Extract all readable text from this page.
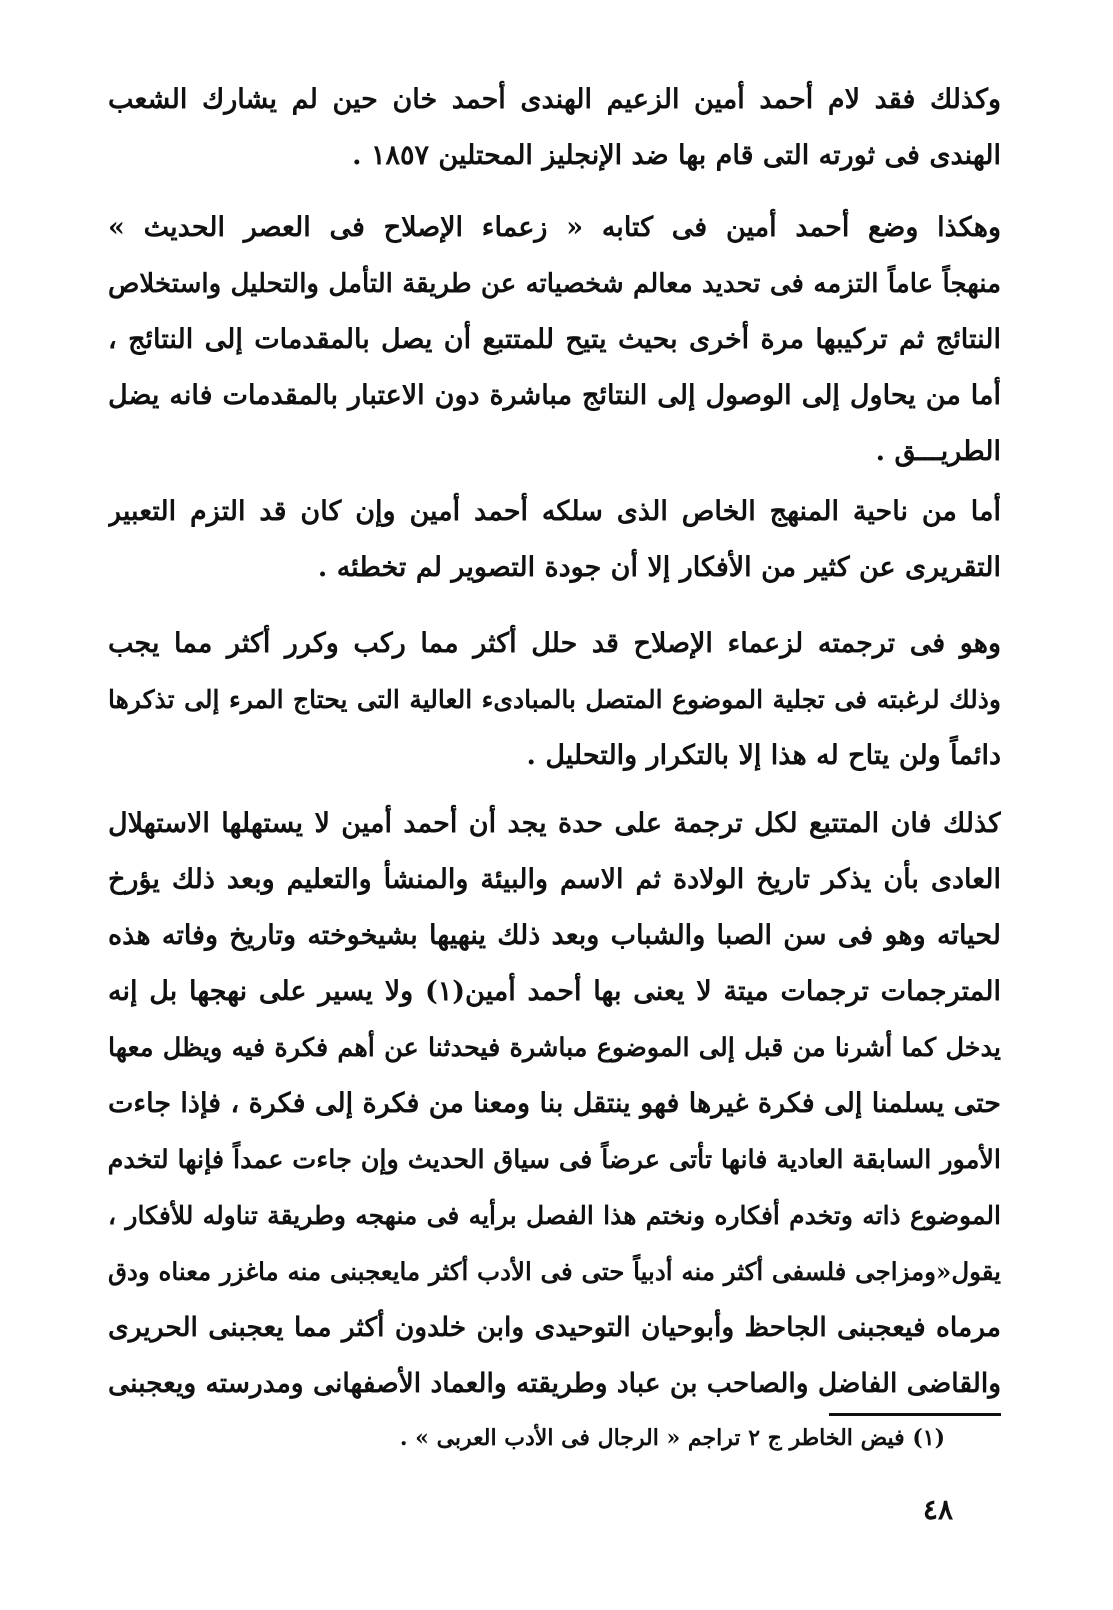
وكذلك فقد لام أحمد أمين الزعيم الهندى أحمد خان حين لم يشارك الشعب
الهندى فى ثورته التى قام بها ضد الإنجليز المحتلين ١٨٥٧ .
وهكذا وضع أحمد أمين فى كتابه « زعماء الإصلاح فى العصر الحديث »
منهجاً عاماً التزمه فى تحديد معالم شخصياته عن طريقة التأمل والتحليل واستخلاص
النتائج ثم تركيبها مرة أخرى بحيث يتيح للمتتبع أن يصل بالمقدمات إلى النتائج ،
أما من يحاول إلى الوصول إلى النتائج مباشرة دون الاعتبار بالمقدمات فانه يضل
الطريـــق .
أما من ناحية المنهج الخاص الذى سلكه أحمد أمين وإن كان قد التزم التعبير
التقريرى عن كثير من الأفكار إلا أن جودة التصوير لم تخطئه .
وهو فى ترجمته لزعماء الإصلاح قد حلل أكثر مما ركب وكرر أكثر مما يجب
وذلك لرغبته فى تجلية الموضوع المتصل بالمبادىء العالية التى يحتاج المرء إلى تذكرها
دائماً ولن يتاح له هذا إلا بالتكرار والتحليل .
كذلك فان المتتبع لكل ترجمة على حدة يجد أن أحمد أمين لا يستهلها الاستهلال
العادى بأن يذكر تاريخ الولادة ثم الاسم والبيئة والمنشأ والتعليم وبعد ذلك يؤرخ
لحياته وهو فى سن الصبا والشباب وبعد ذلك ينهيها بشيخوخته وتاريخ وفاته هذه
المترجمات ترجمات ميتة لا يعنى بها أحمد أمين(١) ولا يسير على نهجها بل إنه
يدخل كما أشرنا من قبل إلى الموضوع مباشرة فيحدثنا عن أهم فكرة فيه ويظل معها
حتى يسلمنا إلى فكرة غيرها فهو ينتقل بنا ومعنا من فكرة إلى فكرة ، فإذا جاءت
الأمور السابقة العادية فانها تأتى عرضاً فى سياق الحديث وإن جاءت عمداً فإنها لتخدم
الموضوع ذاته وتخدم أفكاره ونختم هذا الفصل برأيه فى منهجه وطريقة تناوله للأفكار ،
يقول«ومزاجى فلسفى أكثر منه أدبياً حتى فى الأدب أكثر مايعجبنى منه ماغزر معناه ودق
مرماه فيعجبنى الجاحظ وأبوحيان التوحيدى وابن خلدون أكثر مما يعجبنى الحريرى
والقاضى الفاضل والصاحب بن عباد وطريقته والعماد الأصفهانى ومدرسته ويعجبنى
(١) فيض الخاطر ج ٢ تراجم « الرجال فى الأدب العربى » .
٤٨
